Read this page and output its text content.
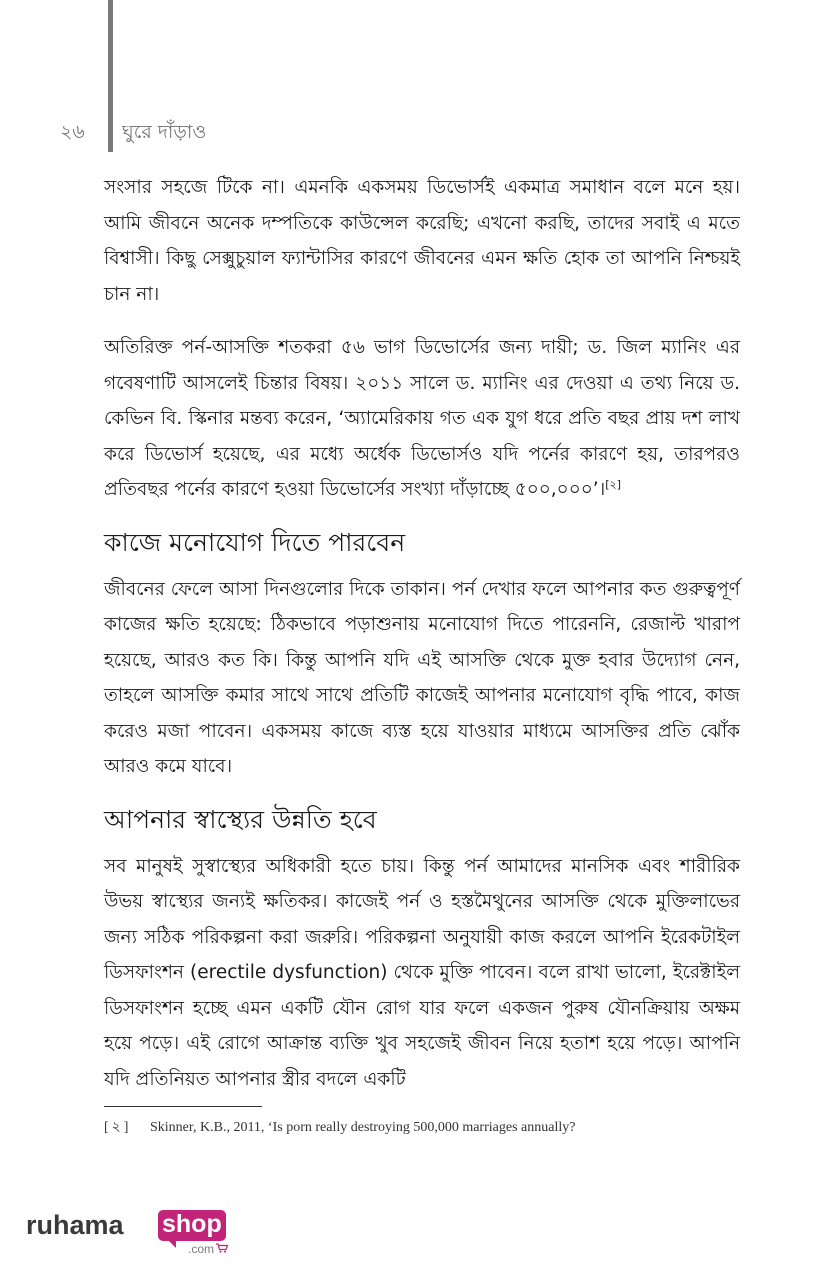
২৬ ঘুরে দাঁড়াও

সংসার সহজে টিকে না। এমনকি একসময় ডিভোর্সই একমাত্র সমাধান বলে মনে হয়। আমি জীবনে অনেক দম্পতিকে কাউন্সেল করেছি; এখনো করছি, তাদের সবাই এ মতে বিশ্বাসী। কিছু সেক্সুচুয়াল ফ্যান্টাসির কারণে জীবনের এমন ক্ষতি হোক তা আপনি নিশ্চয়ই চান না।

অতিরিক্ত পর্ন-আসক্তি শতকরা ৫৬ ভাগ ডিভোর্সের জন্য দায়ী; ড. জিল ম্যানিং এর গবেষণাটি আসলেই চিন্তার বিষয়। ২০১১ সালে ড. ম্যানিং এর দেওয়া এ তথ্য নিয়ে ড. কেভিন বি. স্কিনার মন্তব্য করেন, ‘অ্যামেরিকায় গত এক যুগ ধরে প্রতি বছর প্রায় দশ লাখ করে ডিভোর্স হয়েছে, এর মধ্যে অর্ধেক ডিভোর্সও যদি পর্নের কারণে হয়, তারপরও প্রতিবছর পর্নের কারণে হওয়া ডিভোর্সের সংখ্যা দাঁড়াচ্ছে ৫০০,০০০’।[২]

কাজে মনোযোগ দিতে পারবেন

জীবনের ফেলে আসা দিনগুলোর দিকে তাকান। পর্ন দেখার ফলে আপনার কত গুরুত্বপূর্ণ কাজের ক্ষতি হয়েছে: ঠিকভাবে পড়াশুনায় মনোযোগ দিতে পারেননি, রেজাল্ট খারাপ হয়েছে, আরও কত কি। কিন্তু আপনি যদি এই আসক্তি থেকে মুক্ত হবার উদ্যোগ নেন, তাহলে আসক্তি কমার সাথে সাথে প্রতিটি কাজেই আপনার মনোযোগ বৃদ্ধি পাবে, কাজ করেও মজা পাবেন। একসময় কাজে ব্যস্ত হয়ে যাওয়ার মাধ্যমে আসক্তির প্রতি ঝোঁক আরও কমে যাবে।

আপনার স্বাস্থ্যের উন্নতি হবে

সব মানুষই সুস্বাস্থ্যের অধিকারী হতে চায়। কিন্তু পর্ন আমাদের মানসিক এবং শারীরিক উভয় স্বাস্থ্যের জন্যই ক্ষতিকর। কাজেই পর্ন ও হস্তমৈথুনের আসক্তি থেকে মুক্তিলাভের জন্য সঠিক পরিকল্পনা করা জরুরি। পরিকল্পনা অনুযায়ী কাজ করলে আপনি ইরেকটাইল ডিসফাংশন (erectile dysfunction) থেকে মুক্তি পাবেন। বলে রাখা ভালো, ইরেক্টাইল ডিসফাংশন হচ্ছে এমন একটি যৌন রোগ যার ফলে একজন পুরুষ যৌনক্রিয়ায় অক্ষম হয়ে পড়ে। এই রোগে আক্রান্ত ব্যক্তি খুব সহজেই জীবন নিয়ে হতাশ হয়ে পড়ে। আপনি যদি প্রতিনিয়ত আপনার স্ত্রীর বদলে একটি

[২] Skinner, K.B., 2011, ‘Is porn really destroying 500,000 marriages annually?
ruhama shop
.com
